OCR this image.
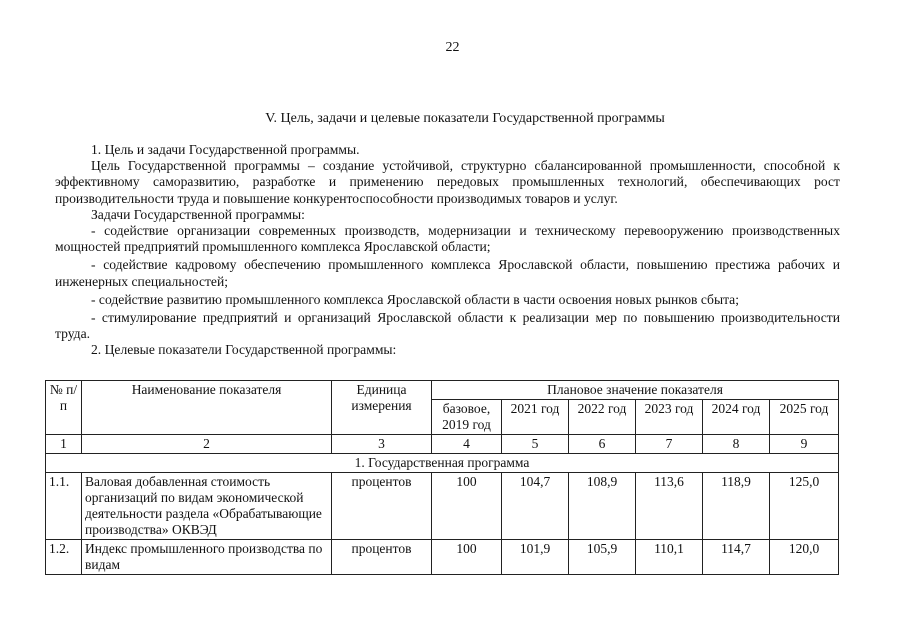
22
V. Цель, задачи и целевые показатели Государственной программы

1. Цель и задачи Государственной программы.

Цель Государственной программы – создание устойчивой, структурно сбалансированной промышленности, способной к эффективному саморазвитию, разработке и применению передовых промышленных технологий, обеспечивающих рост производительности труда и повышение конкурентоспособности производимых товаров и услуг.

Задачи Государственной программы:

- содействие организации современных производств, модернизации и техническому перевооружению производственных мощностей предприятий промышленного комплекса Ярославской области;

- содействие кадровому обеспечению промышленного комплекса Ярославской области, повышению престижа рабочих и инженерных специальностей;

- содействие развитию промышленного комплекса Ярославской области в части освоения новых рынков сбыта;

- стимулирование предприятий и организаций Ярославской области к реализации мер по повышению производительности труда.

2. Целевые показатели Государственной программы:

№ п/п	Наименование показателя	Единица измерения	Плановое значение показателя					
			базовое, 2019 год	2021 год	2022 год	2023 год	2024 год	2025 год
1	2	3	4	5	6	7	8	9
1. Государственная программа								
1.1.	Валовая добавленная стоимость организаций по видам экономической деятельности раздела «Обрабатывающие производства» ОКВЭД	процентов	100	104,7	108,9	113,6	118,9	125,0
1.2.	Индекс промышленного производства по видам	процентов	100	101,9	105,9	110,1	114,7	120,0
